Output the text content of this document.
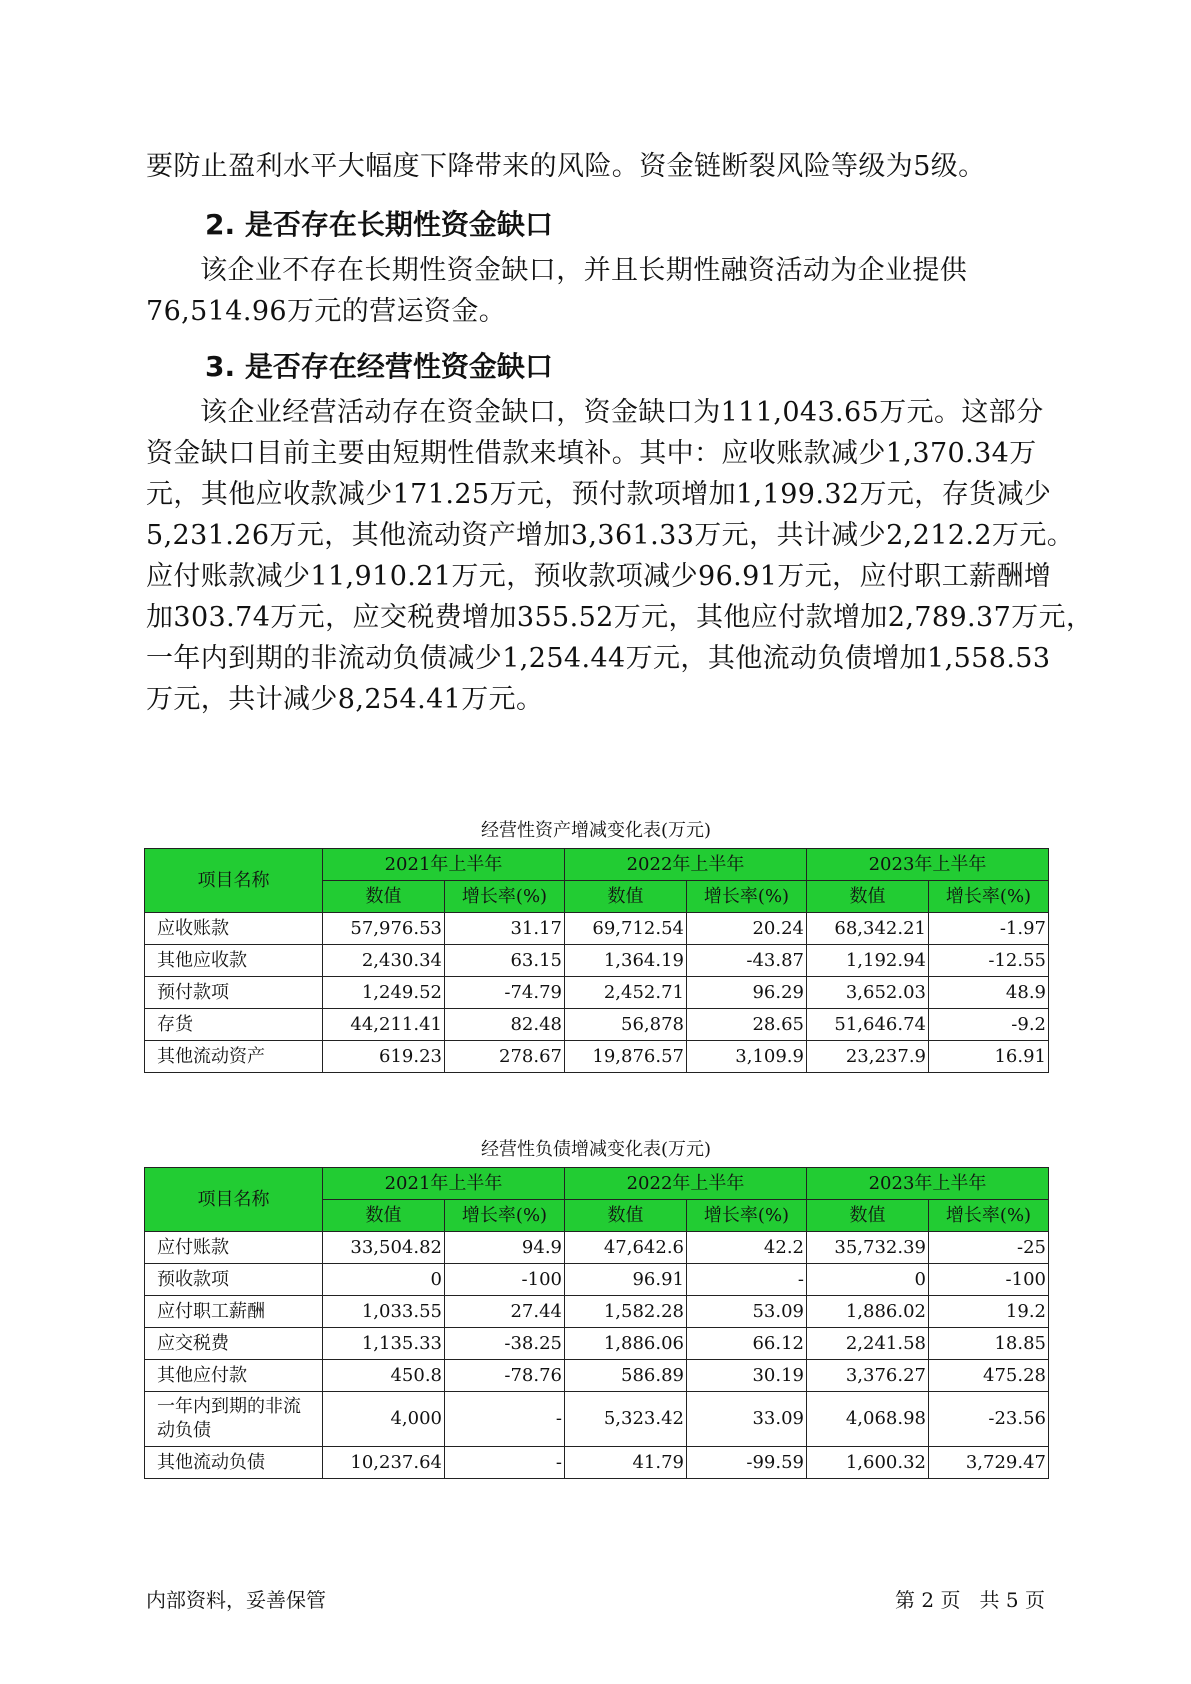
要防止盈利水平大幅度下降带来的风险。资金链断裂风险等级为5级。

2. 是否存在长期性资金缺口

该企业不存在长期性资金缺口，并且长期性融资活动为企业提供
76,514.96万元的营运资金。

3. 是否存在经营性资金缺口

该企业经营活动存在资金缺口，资金缺口为111,043.65万元。这部分
资金缺口目前主要由短期性借款来填补。其中：应收账款减少1,370.34万
元，其他应收款减少171.25万元，预付款项增加1,199.32万元，存货减少
5,231.26万元，其他流动资产增加3,361.33万元，共计减少2,212.2万元。
应付账款减少11,910.21万元，预收款项减少96.91万元，应付职工薪酬增
加303.74万元，应交税费增加355.52万元，其他应付款增加2,789.37万元，
一年内到期的非流动负债减少1,254.44万元，其他流动负债增加1,558.53
万元，共计减少8,254.41万元。

经营性资产增减变化表(万元)

项目名称	2021年上半年		2022年上半年		2023年上半年	
	数值	增长率(%)	数值	增长率(%)	数值	增长率(%)
应收账款	57,976.53	31.17	69,712.54	20.24	68,342.21	-1.97
其他应收款	2,430.34	63.15	1,364.19	-43.87	1,192.94	-12.55
预付款项	1,249.52	-74.79	2,452.71	96.29	3,652.03	48.9
存货	44,211.41	82.48	56,878	28.65	51,646.74	-9.2
其他流动资产	619.23	278.67	19,876.57	3,109.9	23,237.9	16.91

经营性负债增减变化表(万元)

项目名称	2021年上半年		2022年上半年		2023年上半年	
	数值	增长率(%)	数值	增长率(%)	数值	增长率(%)
应付账款	33,504.82	94.9	47,642.6	42.2	35,732.39	-25
预收款项	0	-100	96.91	-	0	-100
应付职工薪酬	1,033.55	27.44	1,582.28	53.09	1,886.02	19.2
应交税费	1,135.33	-38.25	1,886.06	66.12	2,241.58	18.85
其他应付款	450.8	-78.76	586.89	30.19	3,376.27	475.28
一年内到期的非流
动负债	4,000	-	5,323.42	33.09	4,068.98	-23.56
其他流动负债	10,237.64	-	41.79	-99.59	1,600.32	3,729.47

内部资料，妥善保管	第 2 页   共 5 页
